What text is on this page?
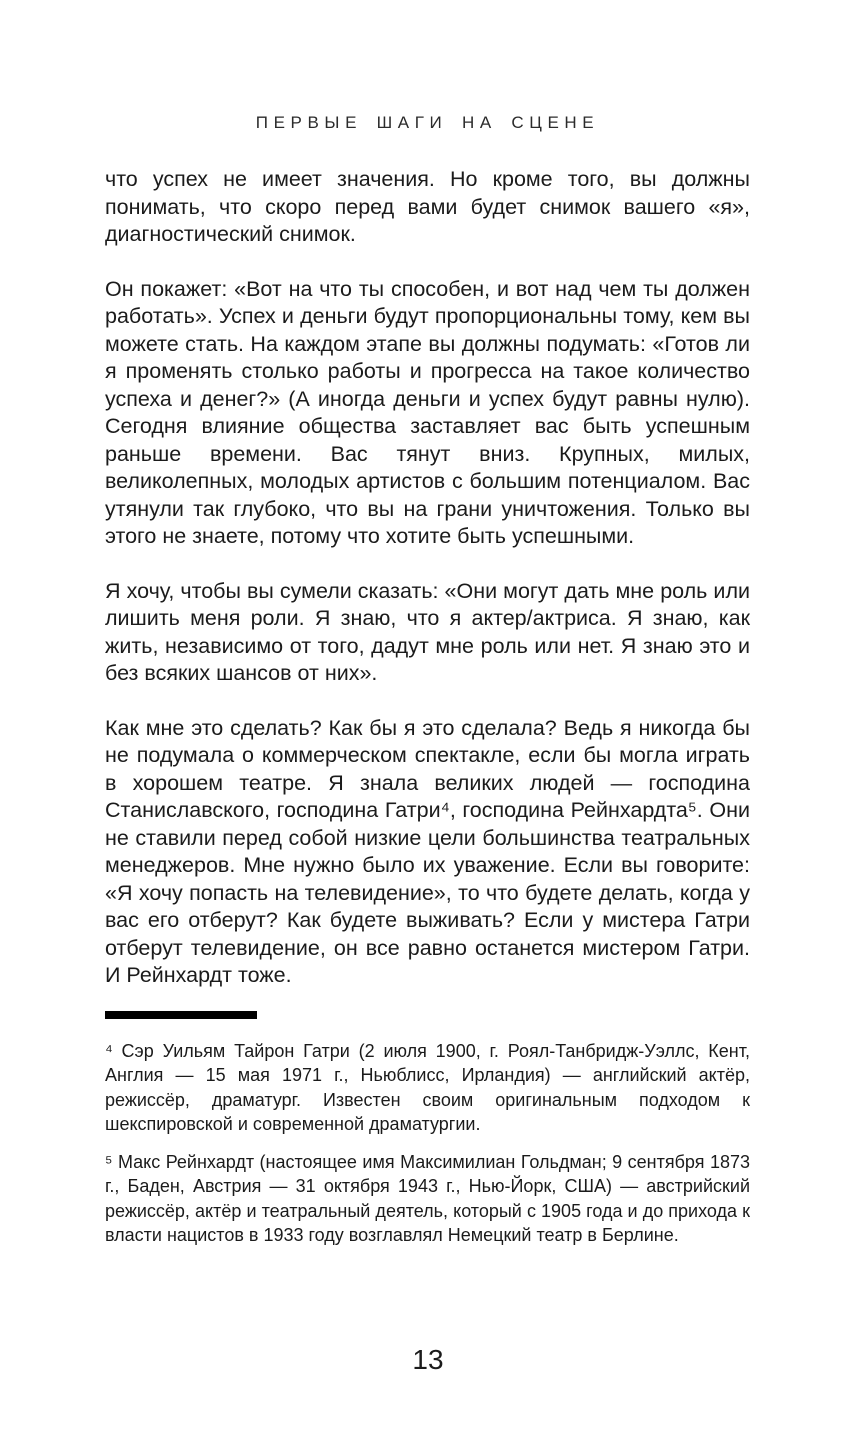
ПЕРВЫЕ ШАГИ НА СЦЕНЕ

что успех не имеет значения. Но кроме того, вы должны понимать, что скоро перед вами будет снимок вашего «я», диагностический снимок.

Он покажет: «Вот на что ты способен, и вот над чем ты должен работать». Успех и деньги будут пропорциональны тому, кем вы можете стать. На каждом этапе вы должны подумать: «Готов ли я променять столько работы и прогресса на такое количество успеха и денег?» (А иногда деньги и успех будут равны нулю). Сегодня влияние общества заставляет вас быть успешным раньше времени. Вас тянут вниз. Крупных, милых, великолепных, молодых артистов с большим потенциалом. Вас утянули так глубоко, что вы на грани уничтожения. Только вы этого не знаете, потому что хотите быть успешными.

Я хочу, чтобы вы сумели сказать: «Они могут дать мне роль или лишить меня роли. Я знаю, что я актер/актриса. Я знаю, как жить, независимо от того, дадут мне роль или нет. Я знаю это и без всяких шансов от них».

Как мне это сделать? Как бы я это сделала? Ведь я никогда бы не подумала о коммерческом спектакле, если бы могла играть в хорошем театре. Я знала великих людей — господина Станиславского, господина Гатри⁴, господина Рейнхардта⁵. Они не ставили перед собой низкие цели большинства театральных менеджеров. Мне нужно было их уважение. Если вы говорите: «Я хочу попасть на телевидение», то что будете делать, когда у вас его отберут? Как будете выживать? Если у мистера Гатри отберут телевидение, он все равно останется мистером Гатри. И Рейнхардт тоже.

⁴ Сэр Уильям Тайрон Гатри (2 июля 1900, г. Роял-Танбридж-Уэллс, Кент, Англия — 15 мая 1971 г., Ньюблисс, Ирландия) — английский актёр, режиссёр, драматург. Известен своим оригинальным подходом к шекспировской и современной драматургии.

⁵ Макс Рейнхардт (настоящее имя Максимилиан Гольдман; 9 сентября 1873 г., Баден, Австрия — 31 октября 1943 г., Нью-Йорк, США) — австрийский режиссёр, актёр и театральный деятель, который с 1905 года и до прихода к власти нацистов в 1933 году возглавлял Немецкий театр в Берлине.

13
